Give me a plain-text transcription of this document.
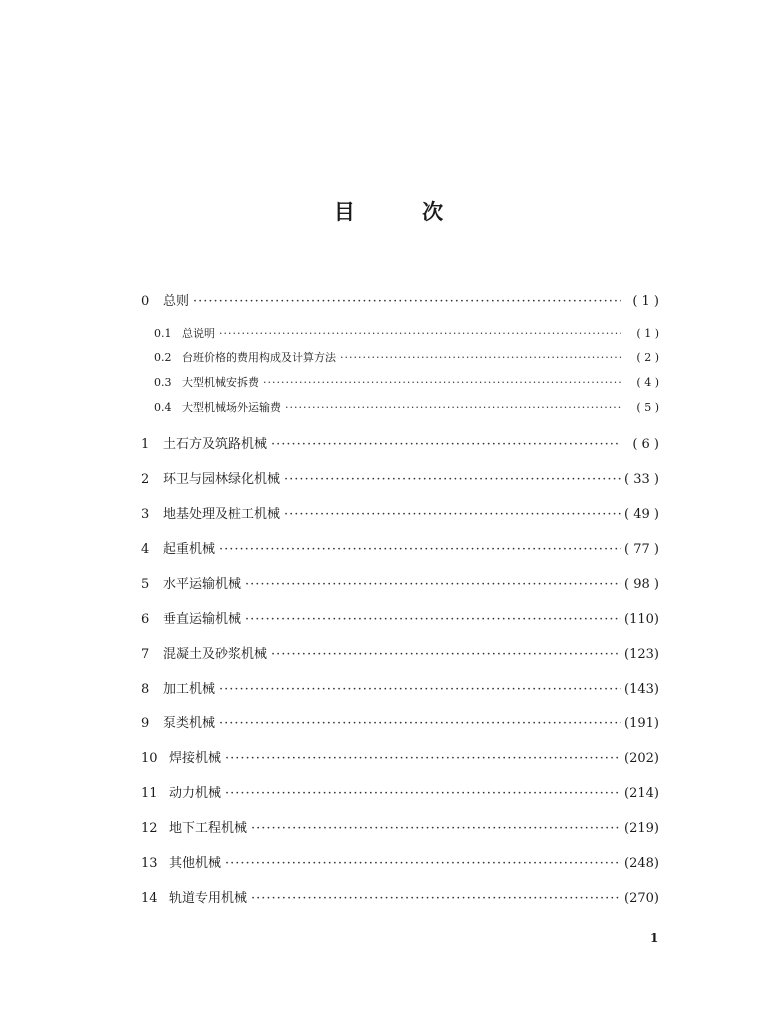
目 次
0	总则 ·····	( 1 )
0.1 总说明 ·····	( 1 )
0.2 台班价格的费用构成及计算方法 ·····	( 2 )
0.3 大型机械安拆费 ·····	( 4 )
0.4 大型机械场外运输费 ·····	( 5 )
1	土石方及筑路机械 ·····	( 6 )
2	环卫与园林绿化机械 ·····	( 33 )
3	地基处理及桩工机械 ·····	( 49 )
4	起重机械 ·····	( 77 )
5	水平运输机械 ·····	( 98 )
6	垂直运输机械 ·····	(110)
7	混凝土及砂浆机械 ·····	(123)
8	加工机械 ·····	(143)
9	泵类机械 ·····	(191)
10 焊接机械 ·····	(202)
11 动力机械 ·····	(214)
12 地下工程机械 ·····	(219)
13 其他机械 ·····	(248)
14 轨道专用机械 ·····	(270)
1
